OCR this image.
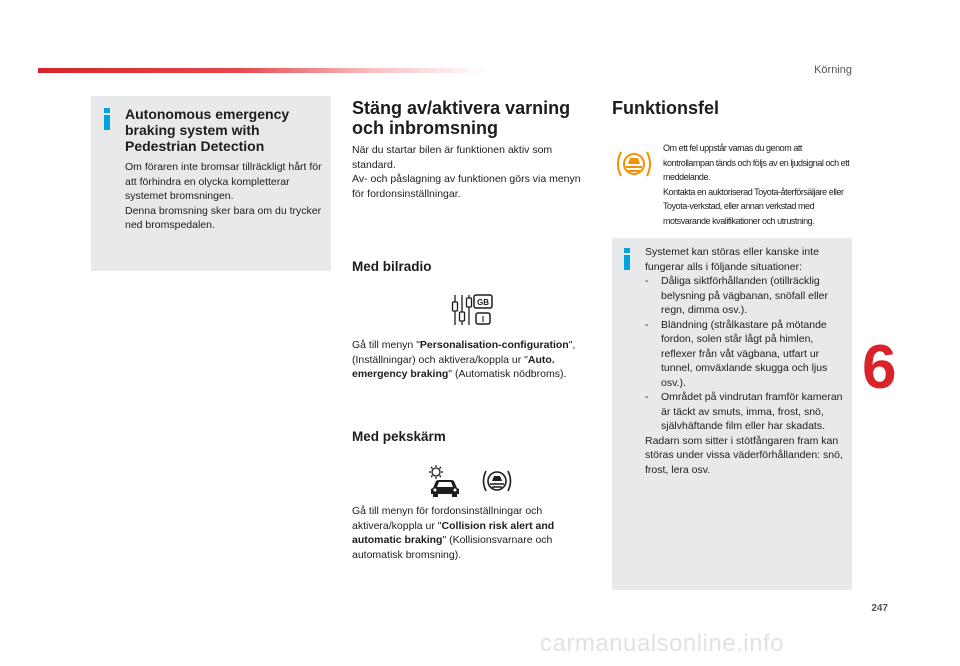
Körning
Autonomous emergency braking system with Pedestrian Detection

Om föraren inte bromsar tillräckligt hårt för att förhindra en olycka kompletterar systemet bromsningen.
Denna bromsning sker bara om du trycker ned bromspedalen.

Stäng av/aktivera varning och inbromsning
När du startar bilen är funktionen aktiv som standard.
Av- och påslagning av funktionen görs via menyn för fordonsinställningar.
Med bilradio
GB
I
Gå till menyn "Personalisation-configuration", (Inställningar) och aktivera/koppla ur "Auto. emergency braking" (Automatisk nödbroms).
Med pekskärm
Gå till menyn för fordonsinställningar och aktivera/koppla ur "Collision risk alert and automatic braking" (Kollisionsvarnare och automatisk bromsning).
Funktionsfel
Om ett fel uppstår varnas du genom att kontrollampan tänds och följs av en ljudsignal och ett meddelande.
Kontakta en auktoriserad Toyota-återförsäljare eller Toyota-verkstad, eller annan verkstad med motsvarande kvalifikationer och utrustning.
Systemet kan störas eller kanske inte fungerar alls i följande situationer:
- Dåliga siktförhållanden (otillräcklig belysning på vägbanan, snöfall eller regn, dimma osv.).
- Bländning (strålkastare på mötande fordon, solen står lågt på himlen, reflexer från våt vägbana, utfart ur tunnel, omväxlande skugga och ljus osv.).
- Området på vindrutan framför kameran är täckt av smuts, imma, frost, snö, självhäftande film eller har skadats.
Radarn som sitter i stötfångaren fram kan störas under vissa väderförhållanden: snö, frost, lera osv.
6
247
carmanualsonline.info
